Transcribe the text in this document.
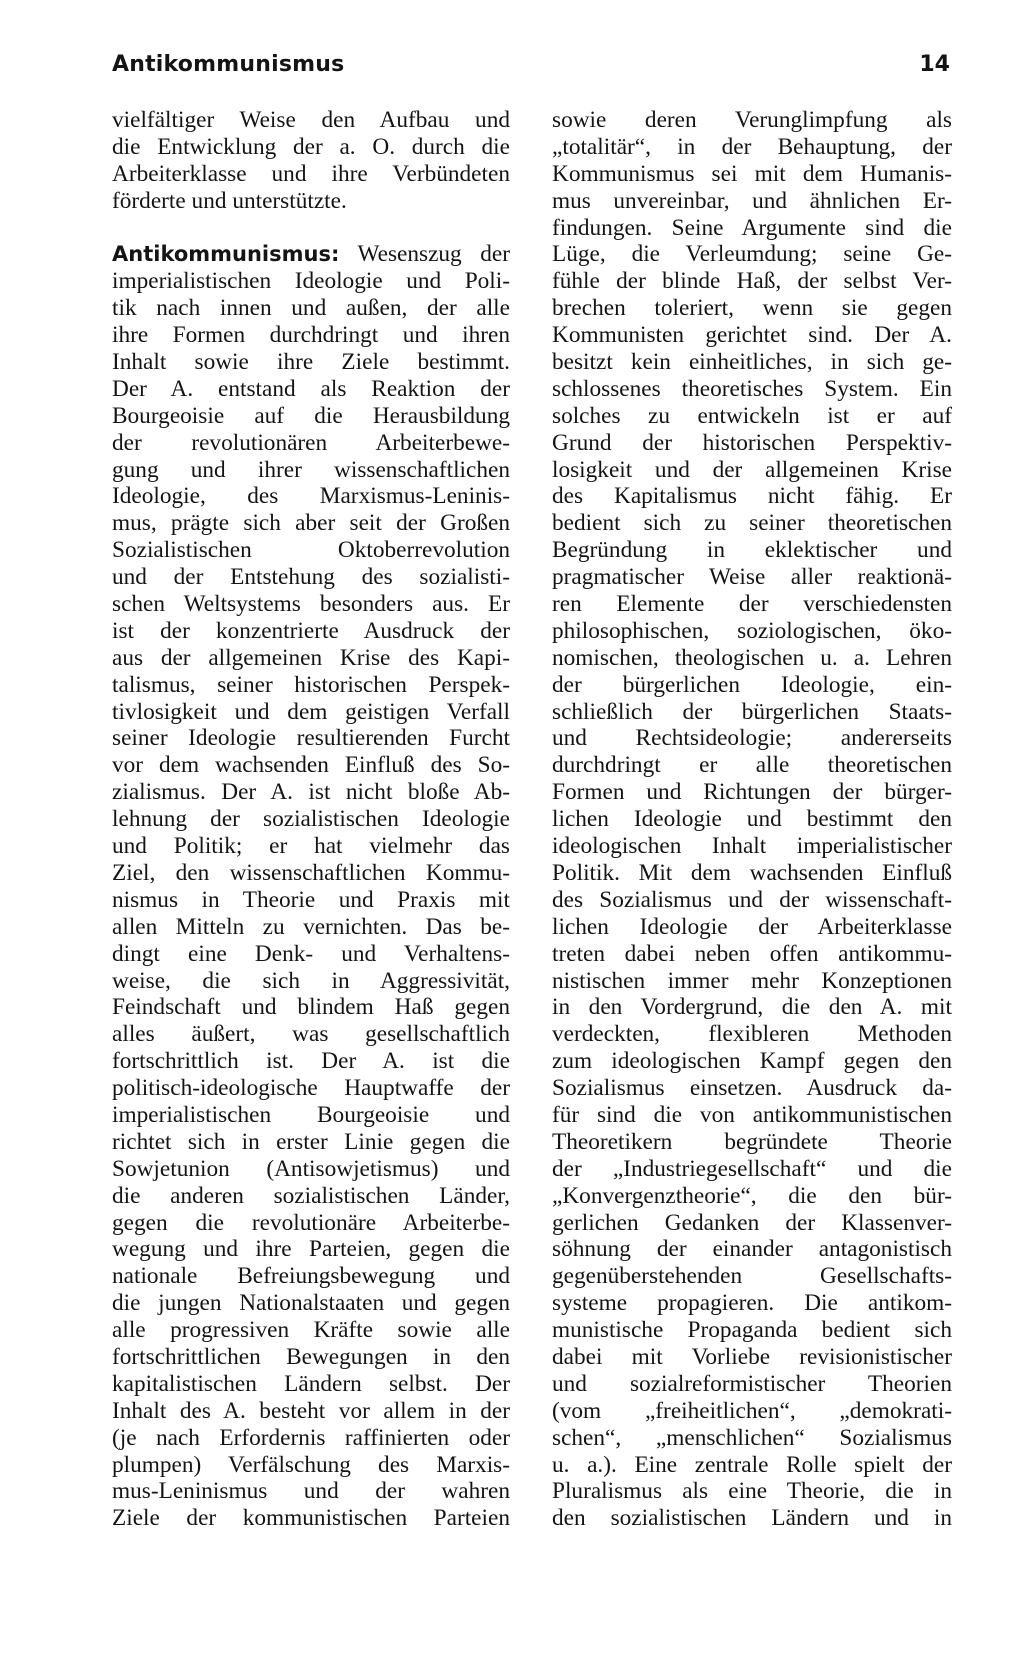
Antikommunismus	14
vielfältiger Weise den Aufbau und
die Entwicklung der a. O. durch die
Arbeiterklasse und ihre Verbündeten
förderte und unterstützte.
Antikommunismus: Wesenszug der
imperialistischen Ideologie und Poli-
tik nach innen und außen, der alle
ihre Formen durchdringt und ihren
Inhalt sowie ihre Ziele bestimmt.
Der A. entstand als Reaktion der
Bourgeoisie auf die Herausbildung
der revolutionären Arbeiterbewe-
gung und ihrer wissenschaftlichen
Ideologie, des Marxismus-Leninis-
mus, prägte sich aber seit der Großen
Sozialistischen Oktoberrevolution
und der Entstehung des sozialisti-
schen Weltsystems besonders aus. Er
ist der konzentrierte Ausdruck der
aus der allgemeinen Krise des Kapi-
talismus, seiner historischen Perspek-
tivlosigkeit und dem geistigen Verfall
seiner Ideologie resultierenden Furcht
vor dem wachsenden Einfluß des So-
zialismus. Der A. ist nicht bloße Ab-
lehnung der sozialistischen Ideologie
und Politik; er hat vielmehr das
Ziel, den wissenschaftlichen Kommu-
nismus in Theorie und Praxis mit
allen Mitteln zu vernichten. Das be-
dingt eine Denk- und Verhaltens-
weise, die sich in Aggressivität,
Feindschaft und blindem Haß gegen
alles äußert, was gesellschaftlich
fortschrittlich ist. Der A. ist die
politisch-ideologische Hauptwaffe der
imperialistischen Bourgeoisie und
richtet sich in erster Linie gegen die
Sowjetunion (Antisowjetismus) und
die anderen sozialistischen Länder,
gegen die revolutionäre Arbeiterbe-
wegung und ihre Parteien, gegen die
nationale Befreiungsbewegung und
die jungen Nationalstaaten und gegen
alle progressiven Kräfte sowie alle
fortschrittlichen Bewegungen in den
kapitalistischen Ländern selbst. Der
Inhalt des A. besteht vor allem in der
(je nach Erfordernis raffinierten oder
plumpen) Verfälschung des Marxis-
mus-Leninismus und der wahren
Ziele der kommunistischen Parteien
sowie deren Verunglimpfung als
„totalitär“, in der Behauptung, der
Kommunismus sei mit dem Humanis-
mus unvereinbar, und ähnlichen Er-
findungen. Seine Argumente sind die
Lüge, die Verleumdung; seine Ge-
fühle der blinde Haß, der selbst Ver-
brechen toleriert, wenn sie gegen
Kommunisten gerichtet sind. Der A.
besitzt kein einheitliches, in sich ge-
schlossenes theoretisches System. Ein
solches zu entwickeln ist er auf
Grund der historischen Perspektiv-
losigkeit und der allgemeinen Krise
des Kapitalismus nicht fähig. Er
bedient sich zu seiner theoretischen
Begründung in eklektischer und
pragmatischer Weise aller reaktionä-
ren Elemente der verschiedensten
philosophischen, soziologischen, öko-
nomischen, theologischen u. a. Lehren
der bürgerlichen Ideologie, ein-
schließlich der bürgerlichen Staats-
und Rechtsideologie; andererseits
durchdringt er alle theoretischen
Formen und Richtungen der bürger-
lichen Ideologie und bestimmt den
ideologischen Inhalt imperialistischer
Politik. Mit dem wachsenden Einfluß
des Sozialismus und der wissenschaft-
lichen Ideologie der Arbeiterklasse
treten dabei neben offen antikommu-
nistischen immer mehr Konzeptionen
in den Vordergrund, die den A. mit
verdeckten, flexibleren Methoden
zum ideologischen Kampf gegen den
Sozialismus einsetzen. Ausdruck da-
für sind die von antikommunistischen
Theoretikern begründete Theorie
der „Industriegesellschaft“ und die
„Konvergenztheorie“, die den bür-
gerlichen Gedanken der Klassenver-
söhnung der einander antagonistisch
gegenüberstehenden Gesellschafts-
systeme propagieren. Die antikom-
munistische Propaganda bedient sich
dabei mit Vorliebe revisionistischer
und sozialreformistischer Theorien
(vom „freiheitlichen“, „demokrati-
schen“, „menschlichen“ Sozialismus
u. a.). Eine zentrale Rolle spielt der
Pluralismus als eine Theorie, die in
den sozialistischen Ländern und in
